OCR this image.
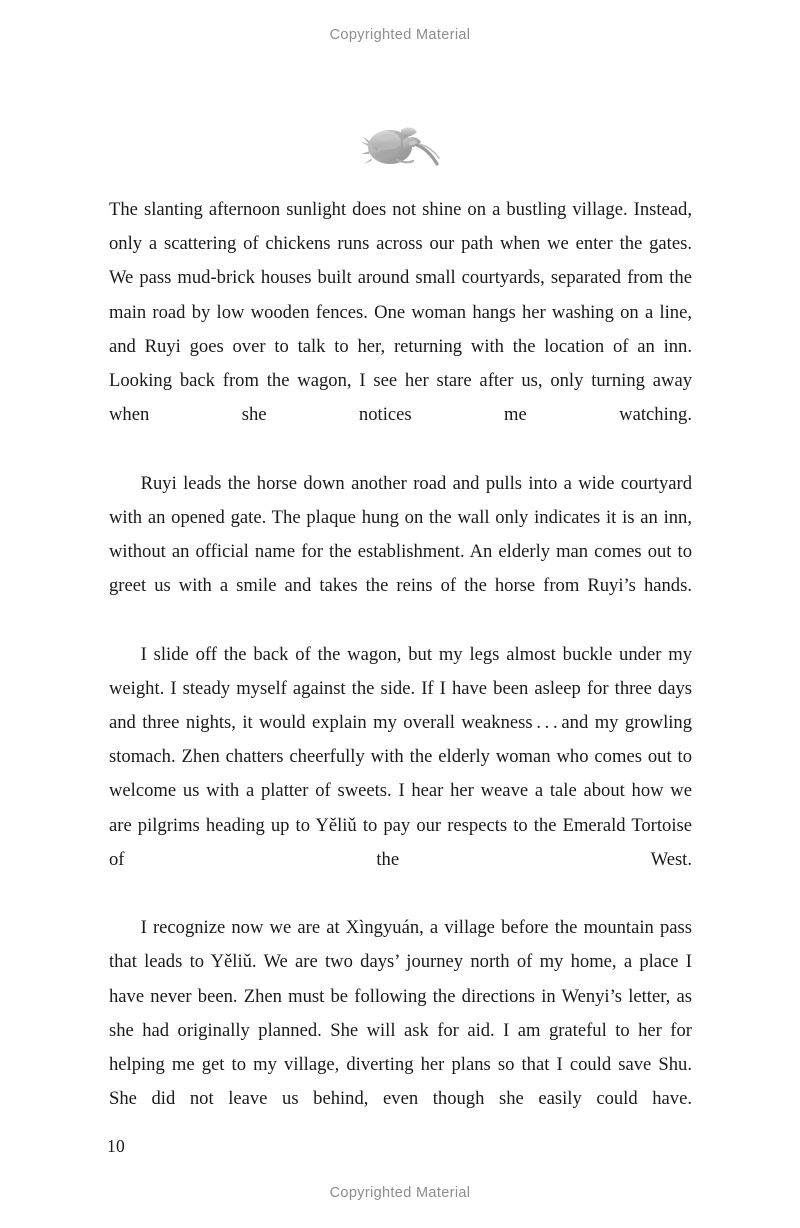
Copyrighted Material

The slanting afternoon sunlight does not shine on a bustling village. Instead, only a scattering of chickens runs across our path when we enter the gates. We pass mud-brick houses built around small courtyards, separated from the main road by low wooden fences. One woman hangs her washing on a line, and Ruyi goes over to talk to her, returning with the location of an inn. Looking back from the wagon, I see her stare after us, only turning away when she notices me watching.

Ruyi leads the horse down another road and pulls into a wide courtyard with an opened gate. The plaque hung on the wall only indicates it is an inn, without an official name for the establishment. An elderly man comes out to greet us with a smile and takes the reins of the horse from Ruyi’s hands.

I slide off the back of the wagon, but my legs almost buckle under my weight. I steady myself against the side. If I have been asleep for three days and three nights, it would explain my overall weakness . . . and my growling stomach. Zhen chatters cheerfully with the elderly woman who comes out to welcome us with a platter of sweets. I hear her weave a tale about how we are pilgrims heading up to Yěliǔ to pay our respects to the Emerald Tortoise of the West.

I recognize now we are at Xìngyuán, a village before the mountain pass that leads to Yěliǔ. We are two days’ journey north of my home, a place I have never been. Zhen must be following the directions in Wenyi’s letter, as she had originally planned. She will ask for aid. I am grateful to her for helping me get to my village, diverting her plans so that I could save Shu. She did not leave us behind, even though she easily could have.

10
Copyrighted Material
